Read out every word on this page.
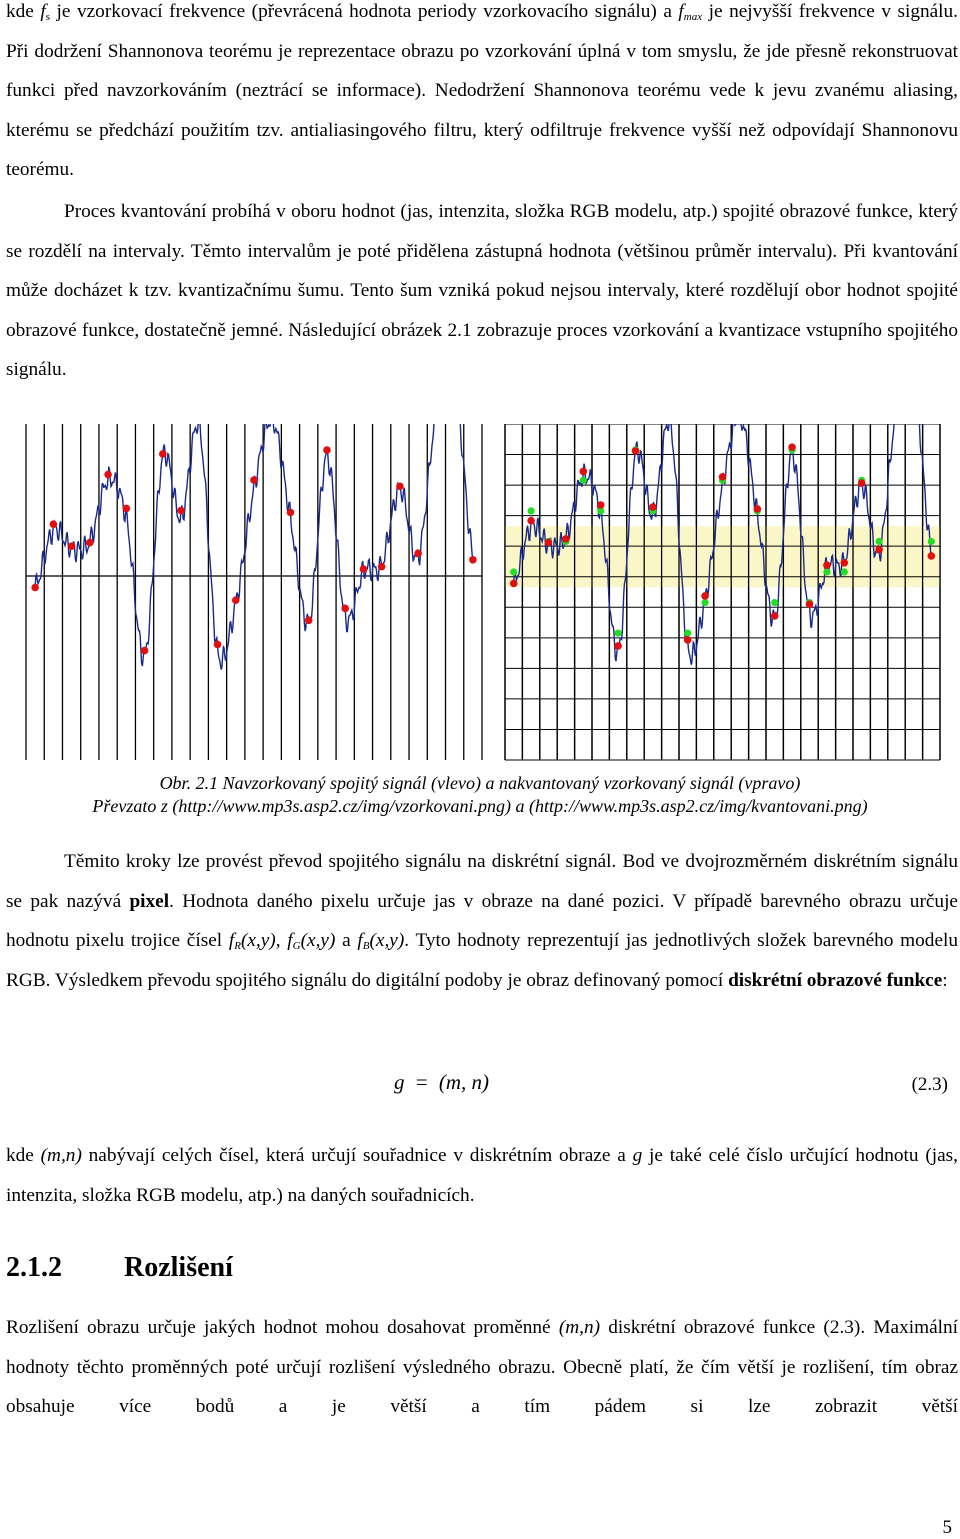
kde $f_s$ je vzorkovací frekvence (převrácená hodnota periody vzorkovacího signálu) a $f_{max}$ je nejvyšší frekvence v signálu. Při dodržení Shannonova teorému je reprezentace obrazu po vzorkování úplná v tom smyslu, že jde přesně rekonstruovat funkci před navzorkováním (neztrácí se informace). Nedodržení Shannonova teorému vede k jevu zvanému aliasing, kterému se předchází použitím tzv. antialiasingového filtru, který odfiltruje frekvence vyšší než odpovídají Shannonovu teorému.

Proces kvantování probíhá v oboru hodnot (jas, intenzita, složka RGB modelu, atp.) spojité obrazové funkce, který se rozdělí na intervaly. Těmto intervalům je poté přidělena zástupná hodnota (většinou průměr intervalu). Při kvantování může docházet k tzv. kvantizačnímu šumu. Tento šum vzniká pokud nejsou intervaly, které rozdělují obor hodnot spojité obrazové funkce, dostatečně jemné. Následující obrázek 2.1 zobrazuje proces vzorkování a kvantizace vstupního spojitého signálu.

Obr. 2.1 Navzorkovaný spojitý signál (vlevo) a nakvantovaný vzorkovaný signál (vpravo)
Převzato z (http://www.mp3s.asp2.cz/img/vzorkovani.png) a (http://www.mp3s.asp2.cz/img/kvantovani.png)

Těmito kroky lze provést převod spojitého signálu na diskrétní signál. Bod ve dvojrozměrném diskrétním signálu se pak nazývá pixel. Hodnota daného pixelu určuje jas v obraze na dané pozici. V případě barevného obrazu určuje hodnotu pixelu trojice čísel $f_R(x,y)$, $f_G(x,y)$ a $f_B(x,y)$. Tyto hodnoty reprezentují jas jednotlivých složek barevného modelu RGB. Výsledkem převodu spojitého signálu do digitální podoby je obraz definovaný pomocí diskrétní obrazové funkce:

g = (m, n)	(2.3)

kde (m,n) nabývají celých čísel, která určují souřadnice v diskrétním obraze a g je také celé číslo určující hodnotu (jas, intenzita, složka RGB modelu, atp.) na daných souřadnicích.

2.1.2 Rozlišení

Rozlišení obrazu určuje jakých hodnot mohou dosahovat proměnné (m,n) diskrétní obrazové funkce (2.3). Maximální hodnoty těchto proměnných poté určují rozlišení výsledného obrazu. Obecně platí, že čím větší je rozlišení, tím obraz obsahuje více bodů a je větší a tím pádem si lze zobrazit větší

5
